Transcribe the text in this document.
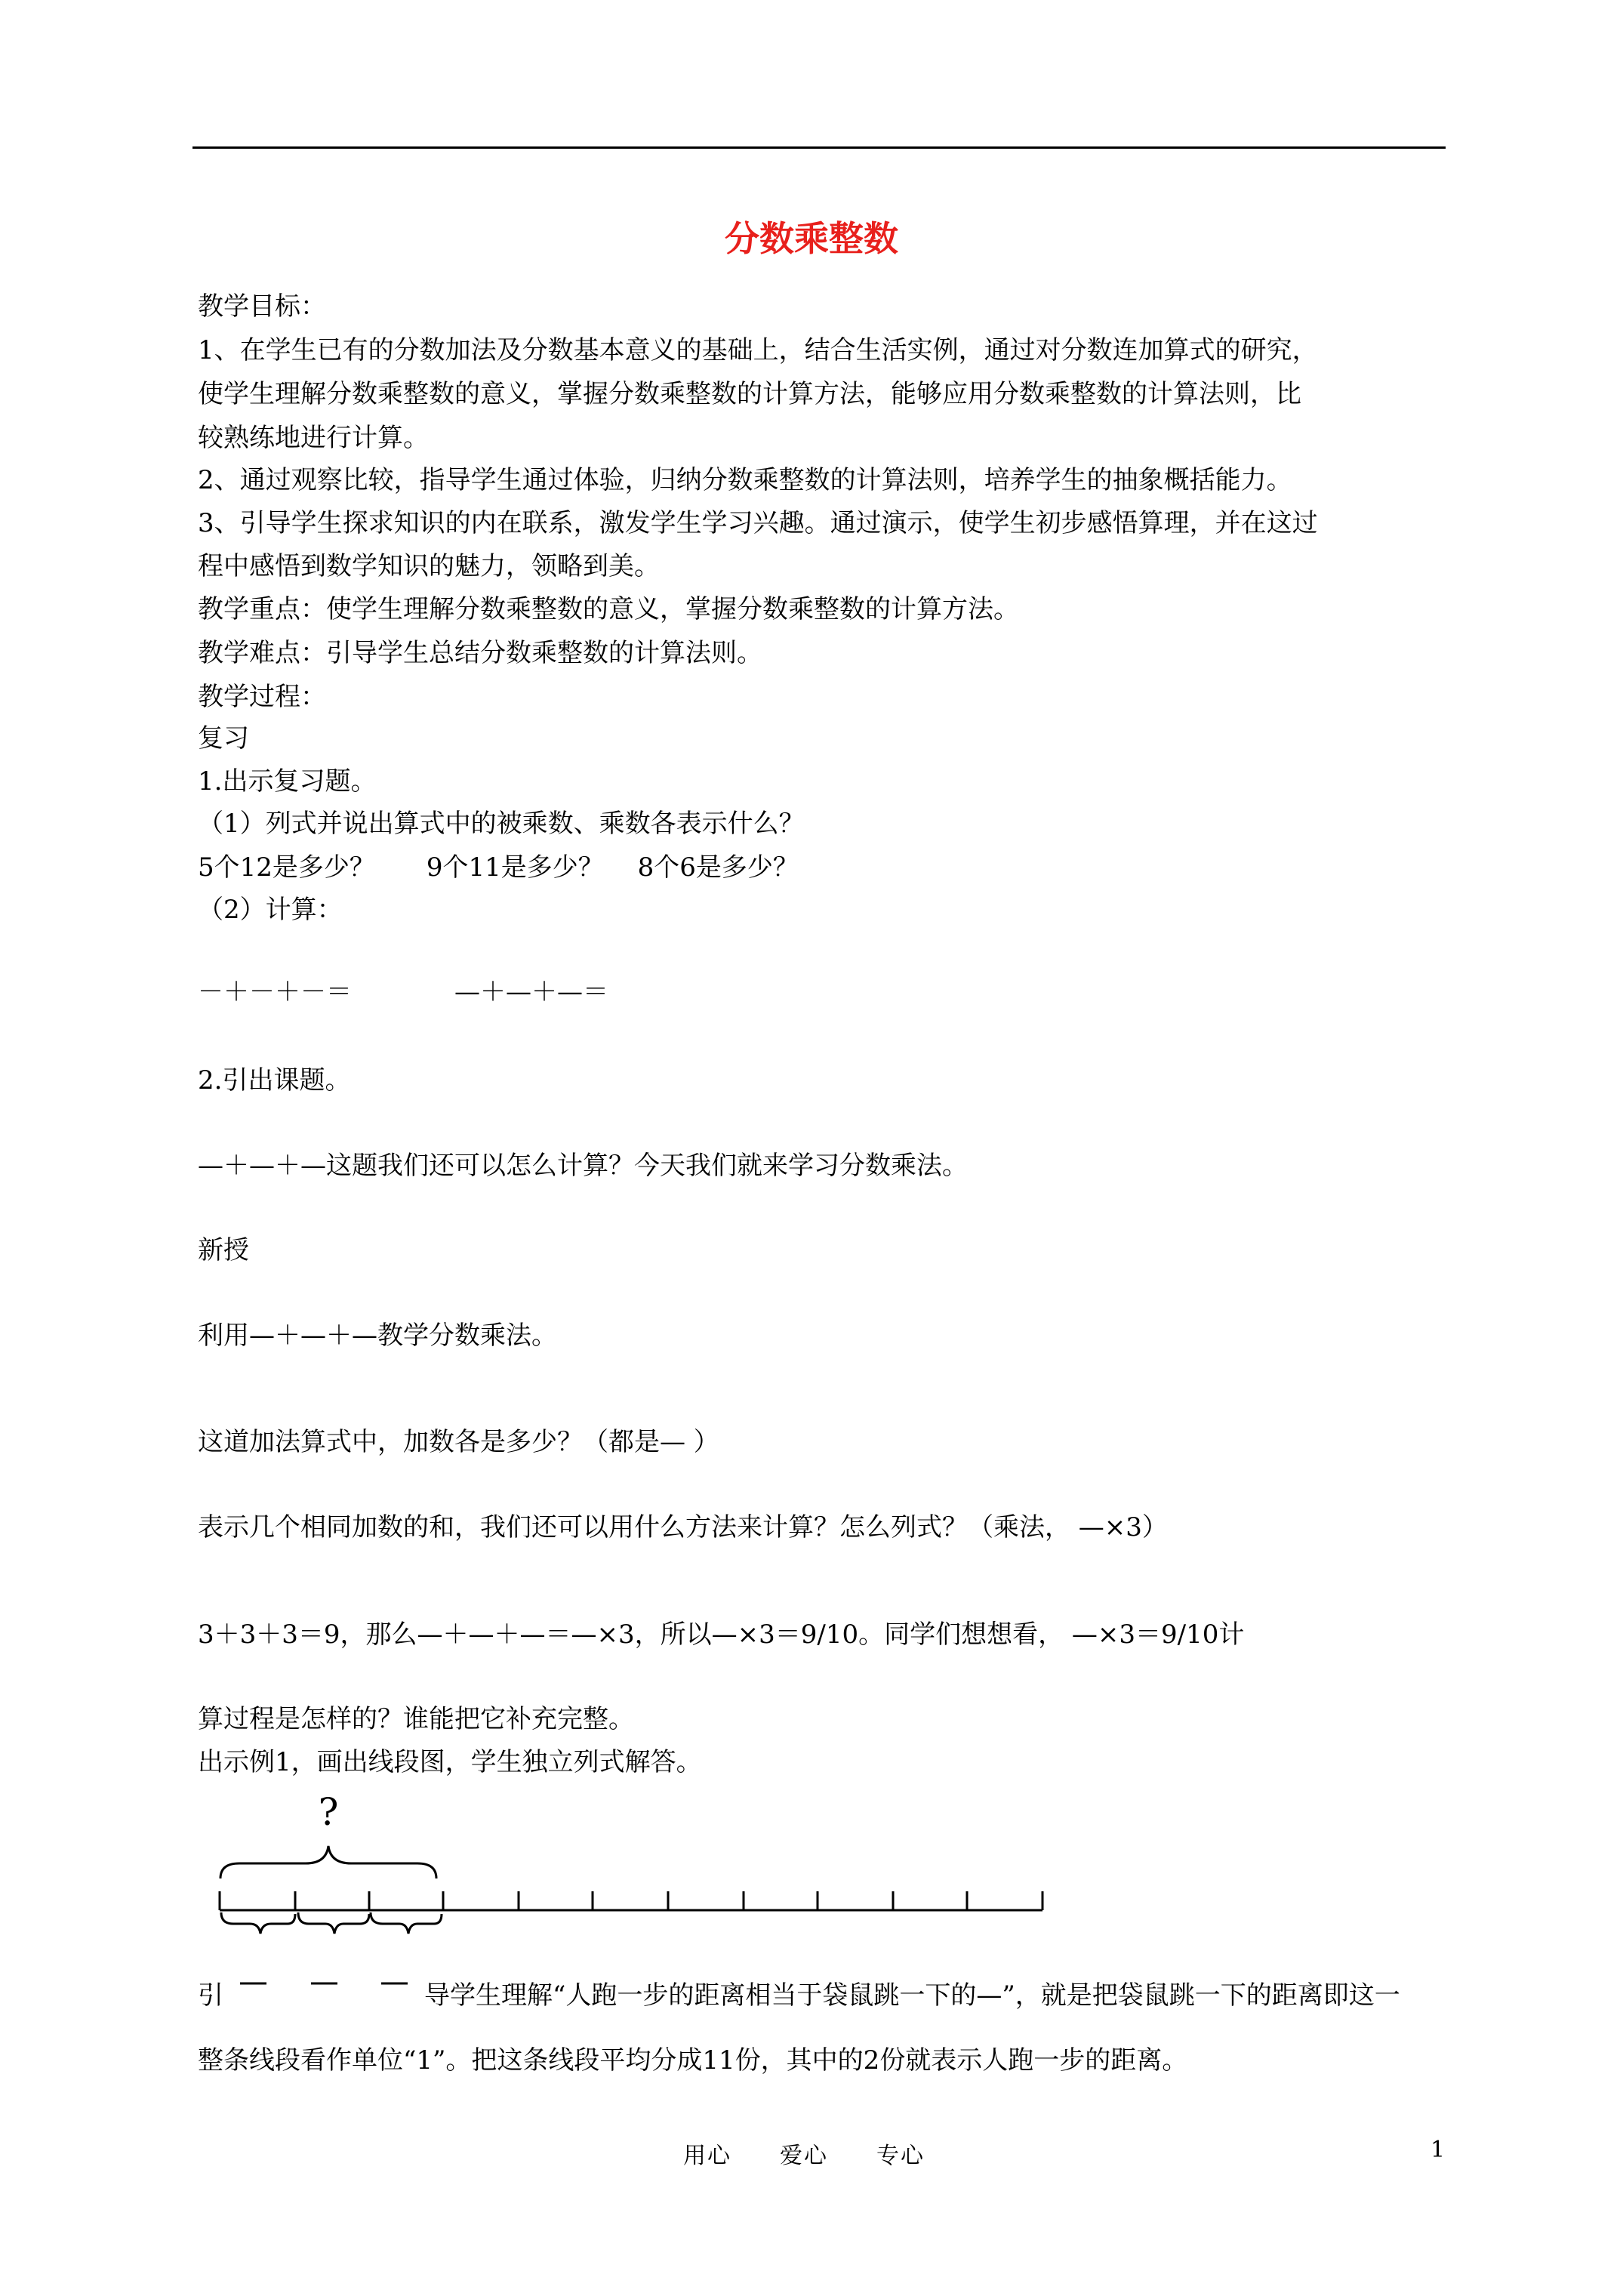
分数乘整数
教学目标：
1、在学生已有的分数加法及分数基本意义的基础上，结合生活实例，通过对分数连加算式的研究，
使学生理解分数乘整数的意义，掌握分数乘整数的计算方法，能够应用分数乘整数的计算法则，比
较熟练地进行计算。
2、通过观察比较，指导学生通过体验，归纳分数乘整数的计算法则，培养学生的抽象概括能力。
3、引导学生探求知识的内在联系，激发学生学习兴趣。通过演示，使学生初步感悟算理，并在这过
程中感悟到数学知识的魅力，领略到美。
教学重点：使学生理解分数乘整数的意义，掌握分数乘整数的计算方法。
教学难点：引导学生总结分数乘整数的计算法则。
教学过程：
复习
1.出示复习题。
（1）列式并说出算式中的被乘数、乘数各表示什么？
5个12是多少？　　9个11是多少？　 8个6是多少？
（2）计算：
－＋－＋－＝　　　　—＋—＋—＝
2.引出课题。
—＋—＋—这题我们还可以怎么计算？今天我们就来学习分数乘法。
新授
利用—＋—＋—教学分数乘法。
这道加法算式中，加数各是多少？（都是— ）
表示几个相同加数的和，我们还可以用什么方法来计算？怎么列式？（乘法， —×3）
3＋3＋3＝9，那么—＋—＋—＝—×3，所以—×3＝9/10。同学们想想看， —×3＝9/10计
算过程是怎样的？谁能把它补充完整。
出示例1，画出线段图，学生独立列式解答。
引	导学生理解“人跑一步的距离相当于袋鼠跳一下的—”，就是把袋鼠跳一下的距离即这一
整条线段看作单位“1”。把这条线段平均分成11份，其中的2份就表示人跑一步的距离。
?
用心　　爱心　　专心	1
